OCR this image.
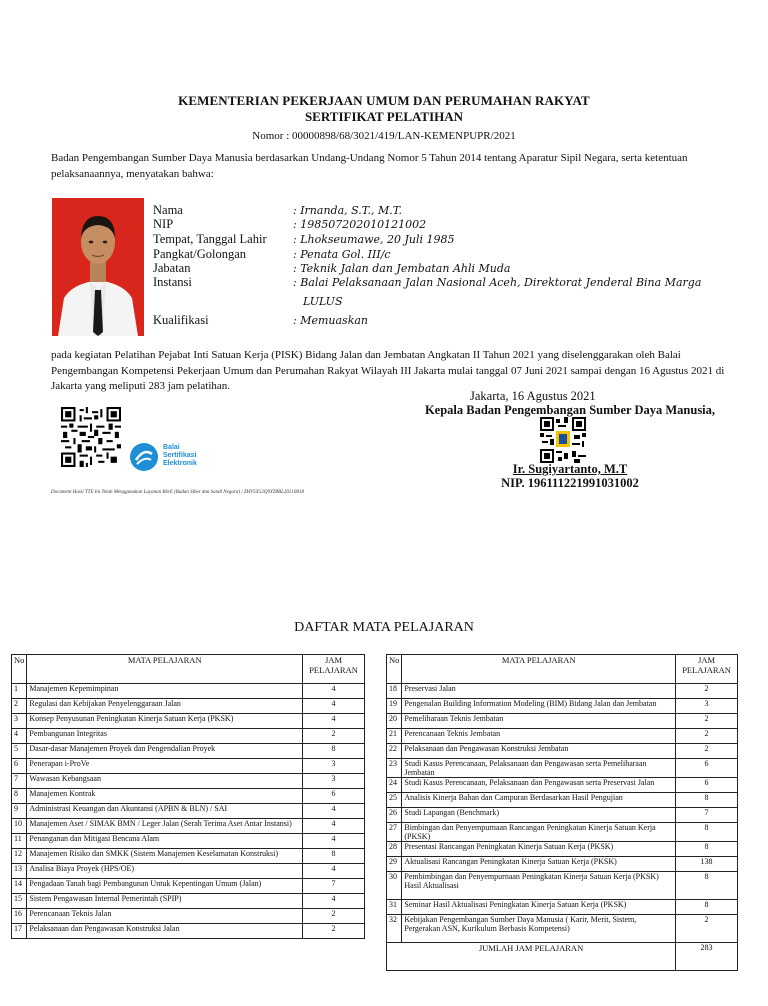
KEMENTERIAN PEKERJAAN UMUM DAN PERUMAHAN RAKYAT
SERTIFIKAT PELATIHAN
Nomor : 00000898/68/3021/419/LAN-KEMENPUPR/2021
Badan Pengembangan Sumber Daya Manusia berdasarkan Undang-Undang Nomor 5 Tahun 2014 tentang Aparatur Sipil Negara, serta ketentuan pelaksanaannya, menyatakan bahwa:
Nama	: Irnanda, S.T., M.T.
NIP	: 198507202010121002
Tempat, Tanggal Lahir : Lhokseumawe, 20 Juli 1985
Pangkat/Golongan	: Penata Gol. III/c
Jabatan	: Teknik Jalan dan Jembatan Ahli Muda
Instansi	: Balai Pelaksanaan Jalan Nasional Aceh, Direktorat Jenderal Bina Marga
LULUS
Kualifikasi	: Memuaskan
pada kegiatan Pelatihan Pejabat Inti Satuan Kerja (PISK) Bidang Jalan dan Jembatan Angkatan II Tahun 2021 yang diselenggarakan oleh Balai Pengembangan Kompetensi Pekerjaan Umum dan Perumahan Rakyat Wilayah III Jakarta mulai tanggal 07 Juni 2021 sampai dengan 16 Agustus 2021 di Jakarta yang meliputi 283 jam pelatihan.
Balai
Sertifikasi
Elektronik
Document Hasil TTE Ini Telah Menggunakan Layanan BSrE (Badan Siber dan Sandi Negara) / ZHV5X52Q9YZ8BL20210818
Jakarta, 16 Agustus 2021
Kepala Badan Pengembangan Sumber Daya Manusia,
Ir. Sugiyartanto, M.T
NIP. 196111221991031002
DAFTAR MATA PELAJARAN
No	MATA PELAJARAN	JAM
PELAJARAN
1	Manajemen Kepemimpinan	4
2	Regulasi dan Kebijakan Penyelenggaraan Jalan	4
3	Konsep Penyusunan Peningkatan Kinerja Satuan Kerja (PKSK)	4
4	Pembangunan Integritas	2
5	Dasar-dasar Manajemen Proyek dan Pengendalian Proyek	8
6	Penerapan i-ProVe	3
7	Wawasan Kebangsaan	3
8	Manajemen Kontrak	6
9	Administrasi Keuangan dan Akuntansi (APBN & BLN) / SAI	4
10	Manajemen Aset / SIMAK BMN / Leger Jalan (Serah Terima Aset Antar Instansi)	4
11	Penanganan dan Mitigasi Bencana Alam	4
12	Manajemen Risiko dan SMKK (Sistem Manajemen Keselamatan Konstruksi)	8
13	Analisa Biaya Proyek (HPS/OE)	4
14	Pengadaan Tanah bagi Pembangunan Untuk Kepentingan Umum (Jalan)	7
15	Sistem Pengawasan Internal Pemerintah (SPIP)	4
16	Perencanaan Teknis Jalan	2
17	Pelaksanaan dan Pengawasan Konstruksi Jalan	2
No	MATA PELAJARAN	JAM
PELAJARAN
18	Preservasi Jalan	2
19	Pengenalan Building Information Modeling (BIM) Bidang Jalan dan Jembatan	3
20	Pemeliharaan Teknis Jembatan	2
21	Perencanaan Teknis Jembatan	2
22	Pelaksanaan dan Pengawasan Konstruksi Jembatan	2
23	Studi Kasus Perencanaan, Pelaksanaan dan Pengawasan serta Pemeliharaan Jembatan	6
24	Studi Kasus Perencanaan, Pelaksanaan dan Pengawasan serta Preservasi Jalan	6
25	Analisis Kinerja Bahan dan Campuran Berdasarkan Hasil Pengujian	8
26	Studi Lapangan (Benchmark)	7
27	Bimbingan dan Penyempurnaan Rancangan Peningkatan Kinerja Satuan Kerja (PKSK)	8
28	Presentasi Rancangan Peningkatan Kinerja Satuan Kerja (PKSK)	8
29	Aktualisasi Rancangan Peningkatan Kinerja Satuan Kerja (PKSK)	138
30	Pembimbingan dan Penyempurnaan Peningkatan Kinerja Satuan Kerja (PKSK) Hasil Aktualisasi	8
31	Seminar Hasil Aktualisasi Peningkatan Kinerja Satuan Kerja (PKSK)	8
32	Kebijakan Pengembangan Sumber Daya Manusia ( Karir, Merit, Sistem, Pergerakan ASN, Kurikulum Berbasis Kompetensi)	2
JUMLAH JAM PELAJARAN		283
